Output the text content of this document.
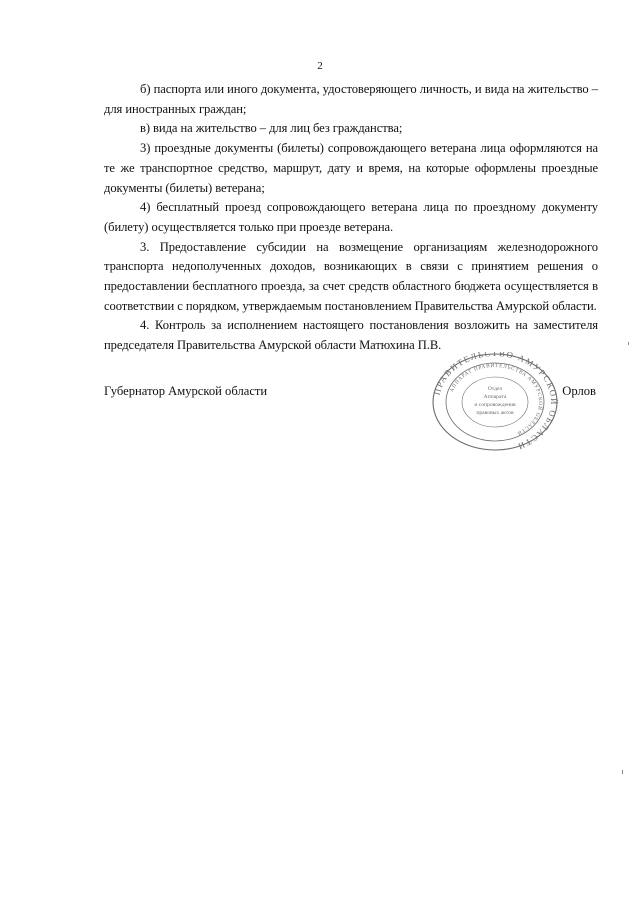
2

б) паспорта или иного документа, удостоверяющего личность, и вида на жительство – для иностранных граждан;

в) вида на жительство – для лиц без гражданства;

3) проездные документы (билеты) сопровождающего ветерана лица оформляются на те же транспортное средство, маршрут, дату и время, на которые оформлены проездные документы (билеты) ветерана;

4) бесплатный проезд сопровождающего ветерана лица по проездному документу (билету) осуществляется только при проезде ветерана.

3. Предоставление субсидии на возмещение организациям железнодорожного транспорта недополученных доходов, возникающих в связи с принятием решения о предоставлении бесплатного проезда, за счет средств областного бюджета осуществляется в соответствии с порядком, утверждаемым постановлением Правительства Амурской области.

4. Контроль за исполнением настоящего постановления возложить на заместителя председателя Правительства Амурской области Матюхина П.В.

Губернатор Амурской области	Орлов
ПРАВИТЕЛЬСТВО АМУРСКОЙ ОБЛАСТИ
АППАРАТ ПРАВИТЕЛЬСТВА АМУРСКОЙ ОБЛАСТИ
Отдел
Аппарата
и сопровождения
правовых актов
